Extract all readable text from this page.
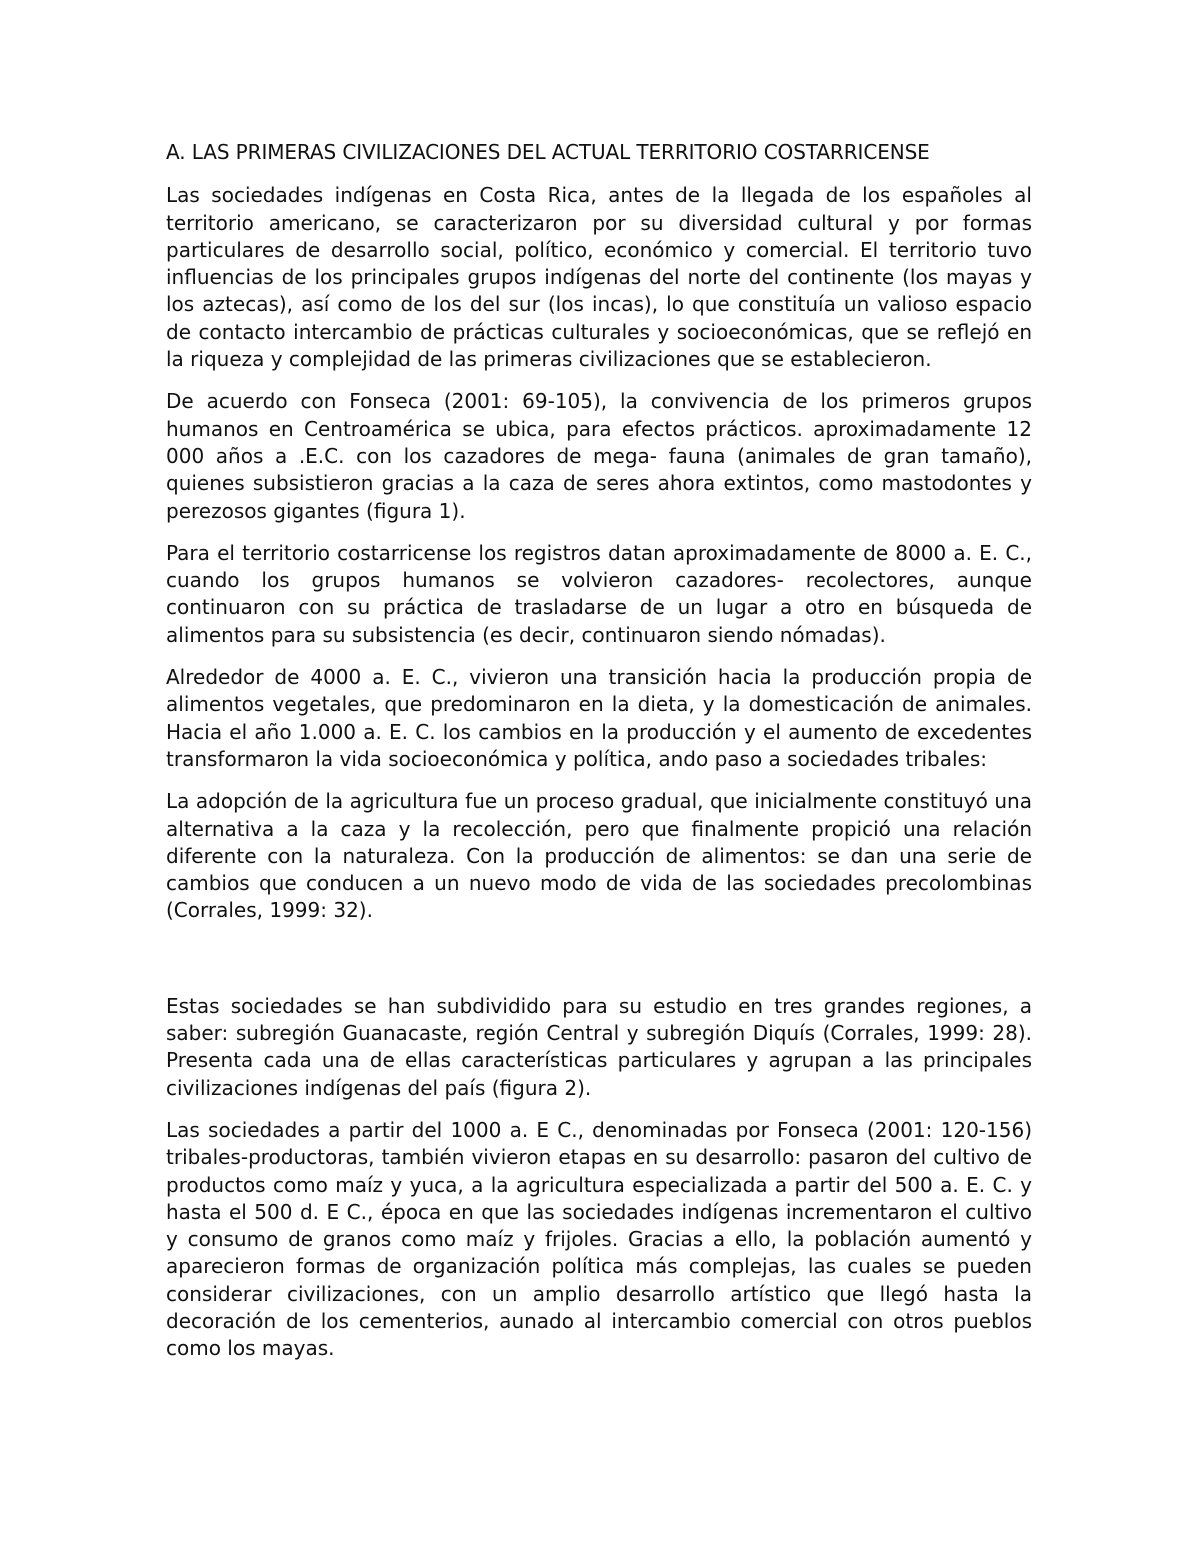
A. LAS PRIMERAS CIVILIZACIONES DEL ACTUAL TERRITORIO COSTARRICENSE

Las sociedades indígenas en Costa Rica, antes de la llegada de los españoles al territorio americano, se caracterizaron por su diversidad cultural y por formas particulares de desarrollo social, político, económico y comercial. El territorio tuvo influencias de los principales grupos indígenas del norte del continente (los mayas y los aztecas), así como de los del sur (los incas), lo que constituía un valioso espacio de contacto intercambio de prácticas culturales y socioeconómicas, que se reflejó en la riqueza y complejidad de las primeras civilizaciones que se establecieron.

De acuerdo con Fonseca (2001: 69-105), la convivencia de los primeros grupos humanos en Centroamérica se ubica, para efectos prácticos. aproximadamente 12 000 años a .E.C. con los cazadores de mega- fauna (animales de gran tamaño), quienes subsistieron gracias a la caza de seres ahora extintos, como mastodontes y perezosos gigantes (figura 1).

Para el territorio costarricense los registros datan aproximadamente de 8000 a. E. C., cuando los grupos humanos se volvieron cazadores- recolectores, aunque continuaron con su práctica de trasladarse de un lugar a otro en búsqueda de alimentos para su subsistencia (es decir, continuaron siendo nómadas).

Alrededor de 4000 a. E. C., vivieron una transición hacia la producción propia de alimentos vegetales, que predominaron en la dieta, y la domesticación de animales. Hacia el año 1.000 a. E. C. los cambios en la producción y el aumento de excedentes transformaron la vida socioeconómica y política, ando paso a sociedades tribales:

La adopción de la agricultura fue un proceso gradual, que inicialmente constituyó una alternativa a la caza y la recolección, pero que finalmente propició una relación diferente con la naturaleza. Con la producción de alimentos: se dan una serie de cambios que conducen a un nuevo modo de vida de las sociedades precolombinas (Corrales, 1999: 32).

Estas sociedades se han subdividido para su estudio en tres grandes regiones, a saber: subregión Guanacaste, región Central y subregión Diquís (Corrales, 1999: 28). Presenta cada una de ellas características particulares y agrupan a las principales civilizaciones indígenas del país (figura 2).

Las sociedades a partir del 1000 a. E C., denominadas por Fonseca (2001: 120-156) tribales-productoras, también vivieron etapas en su desarrollo: pasaron del cultivo de productos como maíz y yuca, a la agricultura especializada a partir del 500 a. E. C. y hasta el 500 d. E C., época en que las sociedades indígenas incrementaron el cultivo y consumo de granos como maíz y frijoles. Gracias a ello, la población aumentó y aparecieron formas de organización política más complejas, las cuales se pueden considerar civilizaciones, con un amplio desarrollo artístico que llegó hasta la decoración de los cementerios, aunado al intercambio comercial con otros pueblos como los mayas.
